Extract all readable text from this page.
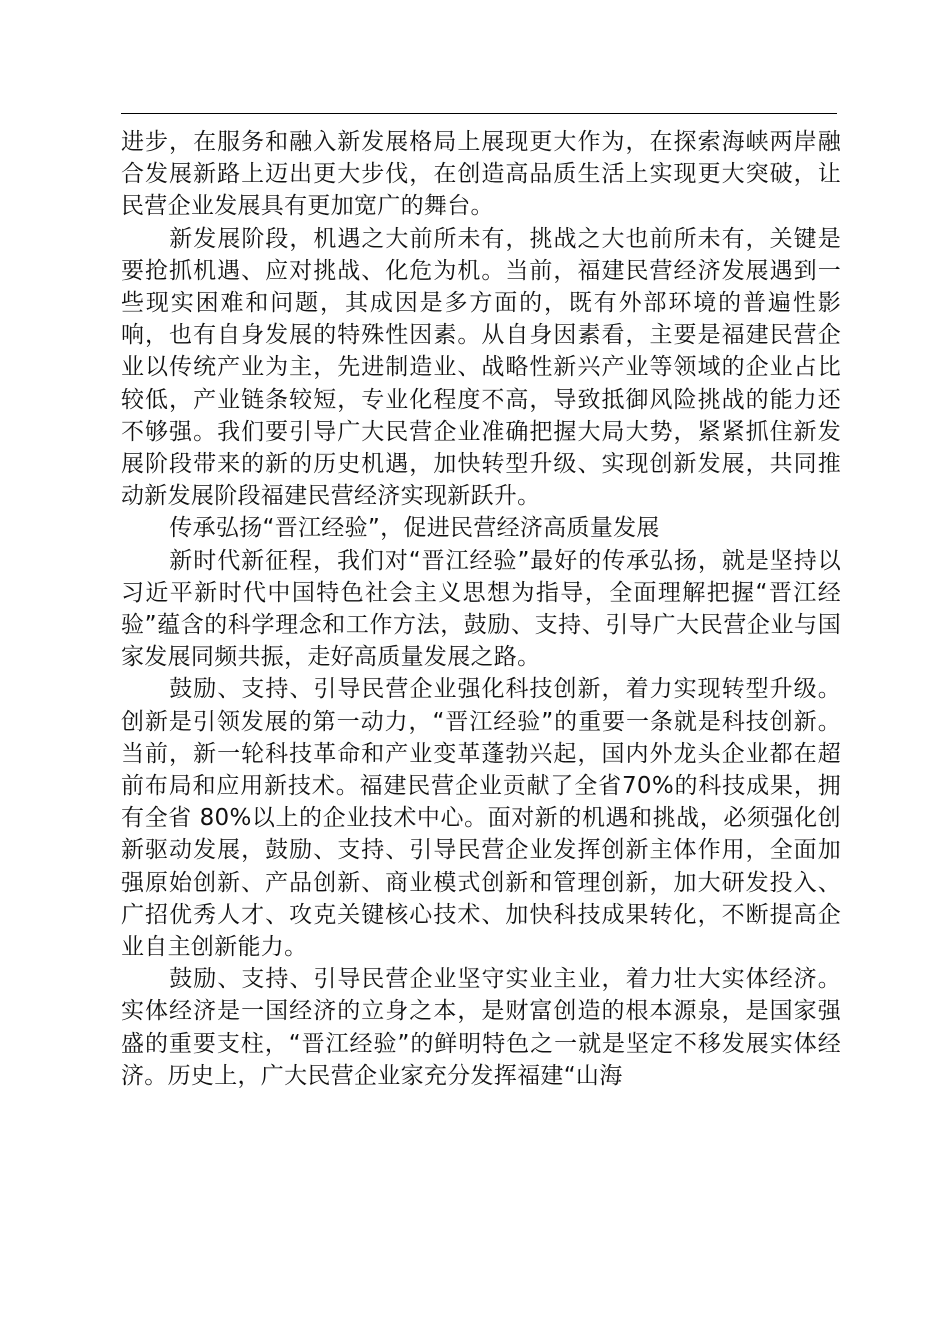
进步，在服务和融入新发展格局上展现更大作为，在探索海峡两岸融合发展新路上迈出更大步伐，在创造高品质生活上实现更大突破，让民营企业发展具有更加宽广的舞台。

新发展阶段，机遇之大前所未有，挑战之大也前所未有，关键是要抢抓机遇、应对挑战、化危为机。当前，福建民营经济发展遇到一些现实困难和问题，其成因是多方面的，既有外部环境的普遍性影响，也有自身发展的特殊性因素。从自身因素看，主要是福建民营企业以传统产业为主，先进制造业、战略性新兴产业等领域的企业占比较低，产业链条较短，专业化程度不高，导致抵御风险挑战的能力还不够强。我们要引导广大民营企业准确把握大局大势，紧紧抓住新发展阶段带来的新的历史机遇，加快转型升级、实现创新发展，共同推动新发展阶段福建民营经济实现新跃升。

传承弘扬“晋江经验”，促进民营经济高质量发展

新时代新征程，我们对“晋江经验”最好的传承弘扬，就是坚持以习近平新时代中国特色社会主义思想为指导，全面理解把握“晋江经验”蕴含的科学理念和工作方法，鼓励、支持、引导广大民营企业与国家发展同频共振，走好高质量发展之路。

鼓励、支持、引导民营企业强化科技创新，着力实现转型升级。创新是引领发展的第一动力，“晋江经验”的重要一条就是科技创新。当前，新一轮科技革命和产业变革蓬勃兴起，国内外龙头企业都在超前布局和应用新技术。福建民营企业贡献了全省70%的科技成果，拥有全省 80%以上的企业技术中心。面对新的机遇和挑战，必须强化创新驱动发展，鼓励、支持、引导民营企业发挥创新主体作用，全面加强原始创新、产品创新、商业模式创新和管理创新，加大研发投入、广招优秀人才、攻克关键核心技术、加快科技成果转化，不断提高企业自主创新能力。

鼓励、支持、引导民营企业坚守实业主业，着力壮大实体经济。实体经济是一国经济的立身之本，是财富创造的根本源泉，是国家强盛的重要支柱，“晋江经验”的鲜明特色之一就是坚定不移发展实体经济。历史上，广大民营企业家充分发挥福建“山海
